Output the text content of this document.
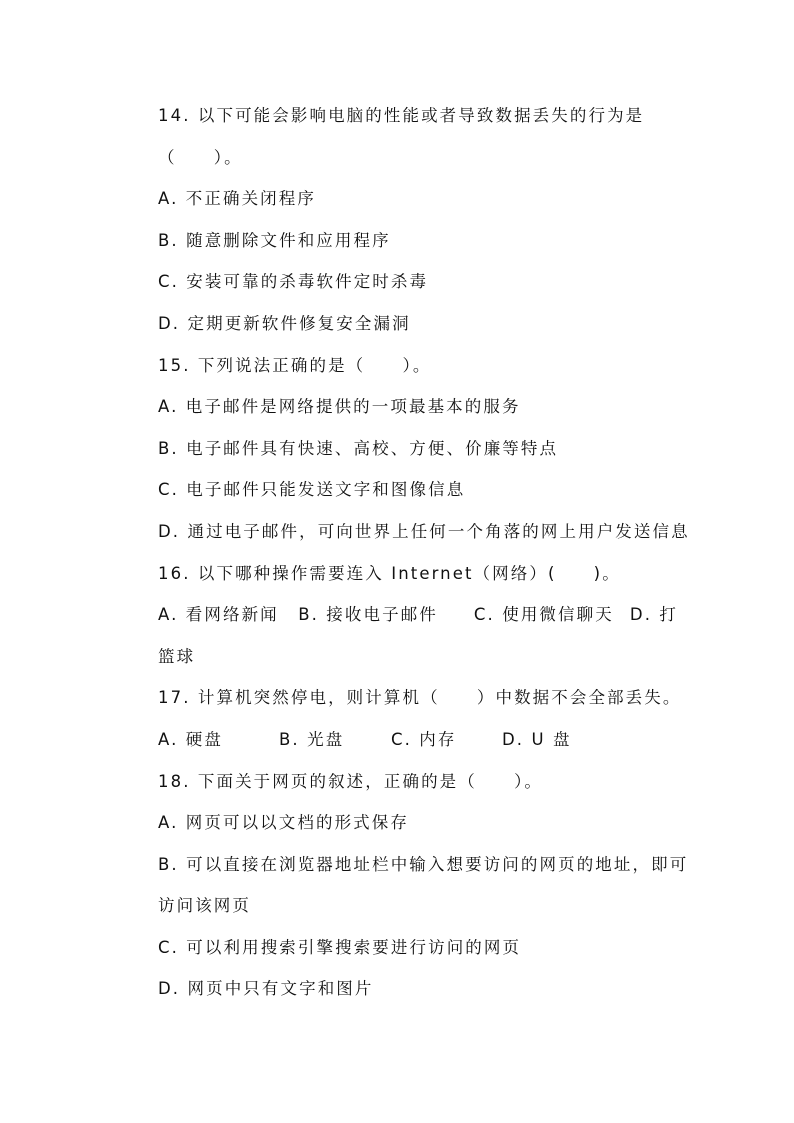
14. 以下可能会影响电脑的性能或者导致数据丢失的行为是
（　　）。
A. 不正确关闭程序
B. 随意删除文件和应用程序
C. 安装可靠的杀毒软件定时杀毒
D. 定期更新软件修复安全漏洞
15. 下列说法正确的是（　　）。
A. 电子邮件是网络提供的一项最基本的服务
B. 电子邮件具有快速、高校、方便、价廉等特点
C. 电子邮件只能发送文字和图像信息
D. 通过电子邮件，可向世界上任何一个角落的网上用户发送信息
16. 以下哪种操作需要连入 Internet（网络）(　　)。
A. 看网络新闻	B. 接收电子邮件	C. 使用微信聊天 D. 打
篮球
17. 计算机突然停电，则计算机（　　）中数据不会全部丢失。
A. 硬盘	B. 光盘	C. 内存	D. U 盘
18. 下面关于网页的叙述，正确的是（　　）。
A. 网页可以以文档的形式保存
B. 可以直接在浏览器地址栏中输入想要访问的网页的地址，即可
访问该网页
C. 可以利用搜索引擎搜索要进行访问的网页
D. 网页中只有文字和图片
